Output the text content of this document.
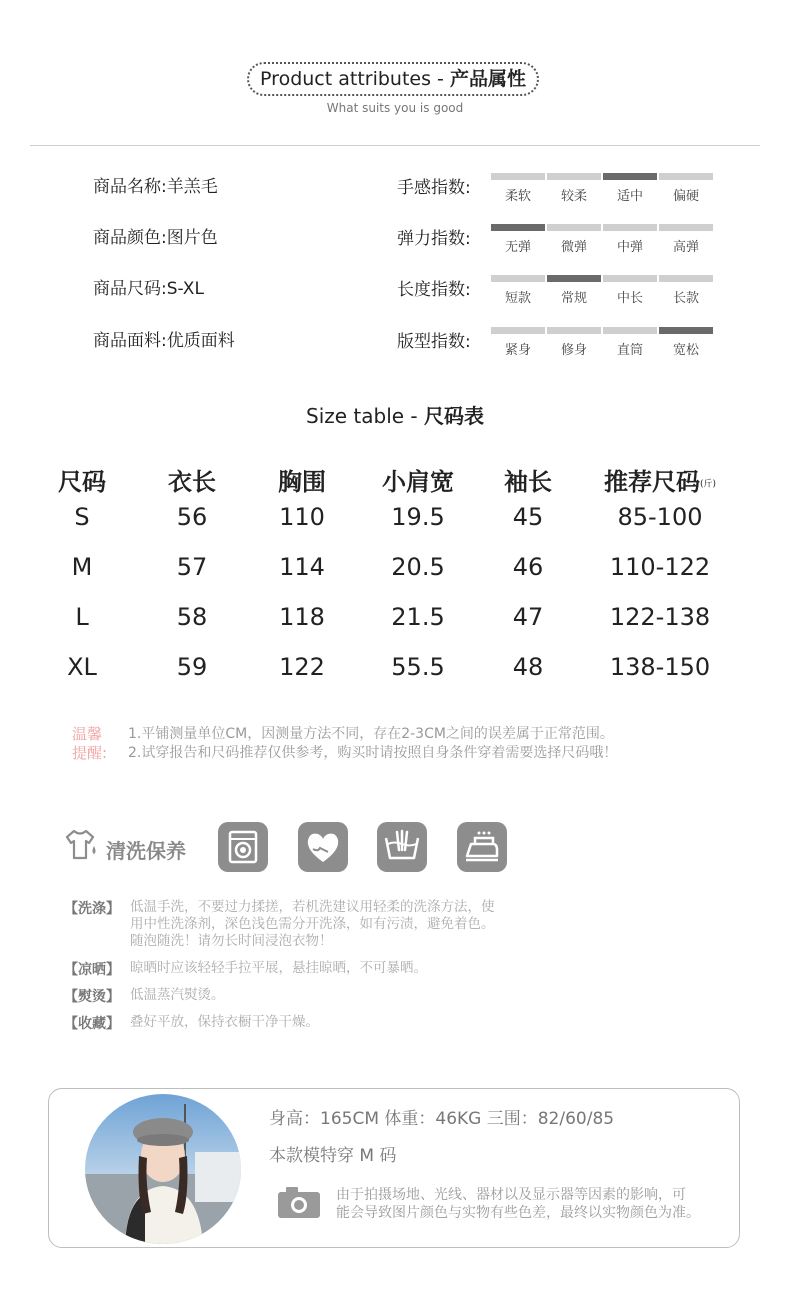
Product attributes - 产品属性
What suits you is good
商品名称:羊羔毛
商品颜色:图片色
商品尺码:S-XL
商品面料:优质面料
手感指数:	柔软	较柔	适中	偏硬
弹力指数:	无弹	微弹	中弹	高弹
长度指数:	短款	常规	中长	长款
版型指数:	紧身	修身	直筒	宽松
Size table - 尺码表
尺码	衣长	胸围	小肩宽	袖长	推荐尺码(斤)
S	56	110	19.5	45	85-100
M	57	114	20.5	46	110-122
L	58	118	21.5	47	122-138
XL	59	122	55.5	48	138-150
温馨
提醒:
1.平铺测量单位CM，因测量方法不同，存在2-3CM之间的误差属于正常范围。
2.试穿报告和尺码推荐仅供参考，购买时请按照自身条件穿着需要选择尺码哦！
清洗保养
【洗涤】 低温手洗，不要过力揉搓，若机洗建议用轻柔的洗涤方法，使
用中性洗涤剂，深色浅色需分开洗涤，如有污渍，避免着色。
随泡随洗！请勿长时间浸泡衣物！
【凉晒】 晾晒时应该轻轻手拉平展，悬挂晾晒，不可暴晒。
【熨烫】 低温蒸汽熨烫。
【收藏】 叠好平放，保持衣橱干净干燥。
身高：165CM 体重：46KG 三围：82/60/85
本款模特穿 M 码
由于拍摄场地、光线、器材以及显示器等因素的影响，可
能会导致图片颜色与实物有些色差，最终以实物颜色为准。
